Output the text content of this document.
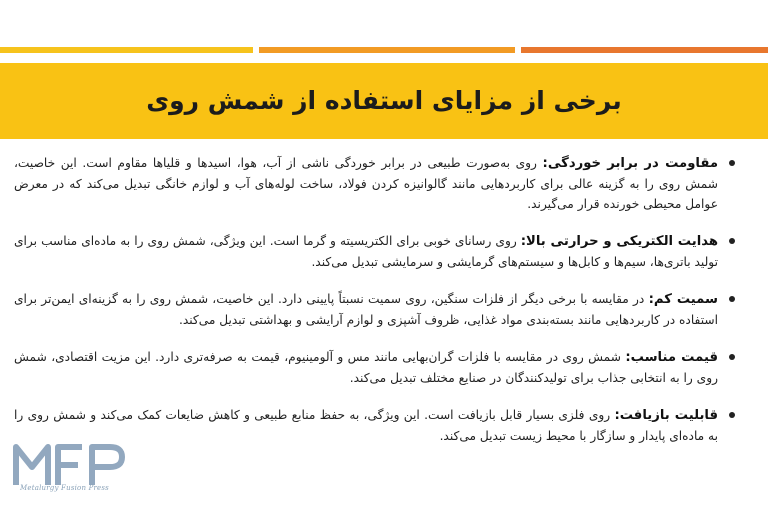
برخی از مزایای استفاده از شمش روی
مقاومت در برابر خوردگی: روی به‌صورت طبیعی در برابر خوردگی ناشی از آب، هوا، اسیدها و قلیاها مقاوم است. این خاصیت، شمش روی را به گزینه عالی برای کاربردهایی مانند گالوانیزه کردن فولاد، ساخت لوله‌های آب و لوازم خانگی تبدیل می‌کند که در معرض عوامل محیطی خورنده قرار می‌گیرند.
هدایت الکتریکی و حرارتی بالا: روی رسانای خوبی برای الکتریسیته و گرما است. این ویژگی، شمش روی را به ماده‌ای مناسب برای تولید باتری‌ها، سیم‌ها و کابل‌ها و سیستم‌های گرمایشی و سرمایشی تبدیل می‌کند.
سمیت کم: در مقایسه با برخی دیگر از فلزات سنگین، روی سمیت نسبتاً پایینی دارد. این خاصیت، شمش روی را به گزینه‌ای ایمن‌تر برای استفاده در کاربردهایی مانند بسته‌بندی مواد غذایی، ظروف آشپزی و لوازم آرایشی و بهداشتی تبدیل می‌کند.
قیمت مناسب: شمش روی در مقایسه با فلزات گران‌بهایی مانند مس و آلومینیوم، قیمت به صرفه‌تری دارد. این مزیت اقتصادی، شمش روی را به انتخابی جذاب برای تولیدکنندگان در صنایع مختلف تبدیل می‌کند.
قابلیت بازیافت: روی فلزی بسیار قابل بازیافت است. این ویژگی، به حفظ منابع طبیعی و کاهش ضایعات کمک می‌کند و شمش روی را به ماده‌ای پایدار و سازگار با محیط زیست تبدیل می‌کند.
Metalurgy Fusion Press
